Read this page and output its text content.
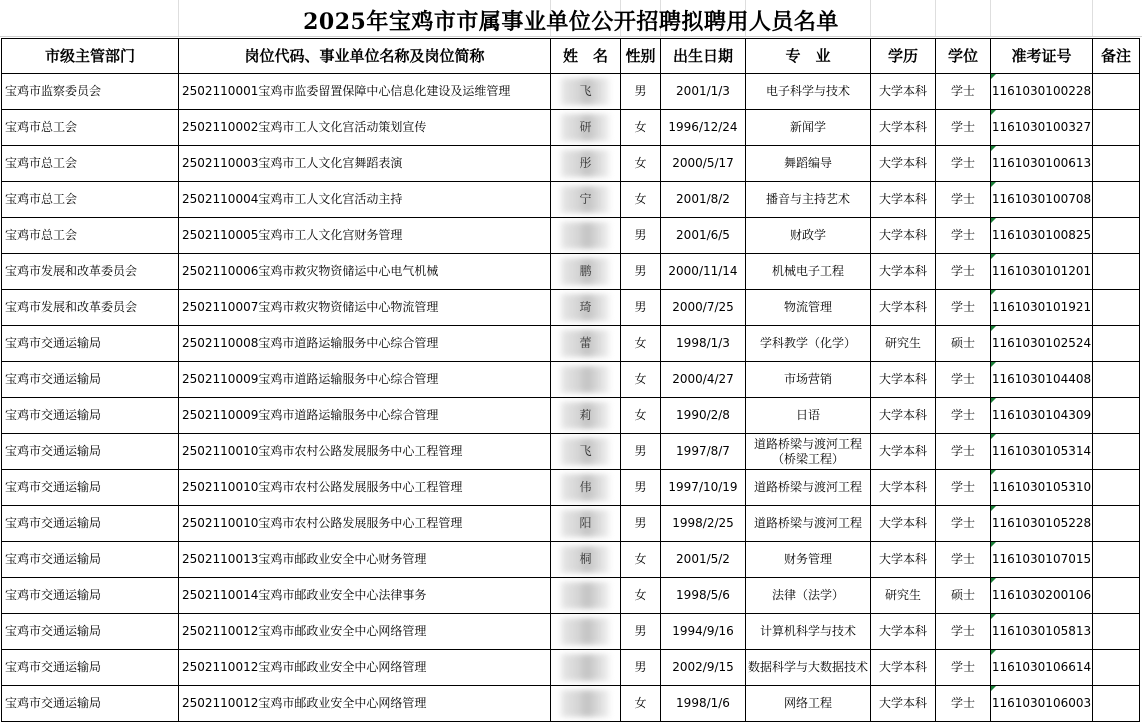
2025年宝鸡市市属事业单位公开招聘拟聘用人员名单
市级主管部门	岗位代码、事业单位名称及岗位简称	姓　名	性别	出生日期	专　业	学历	学位	准考证号	备注
宝鸡市监察委员会	2502110001宝鸡市监委留置保障中心信息化建设及运维管理	飞	男	2001/1/3	电子科学与技术	大学本科	学士	1161030100228	
宝鸡市总工会	2502110002宝鸡市工人文化宫活动策划宣传	研	女	1996/12/24	新闻学	大学本科	学士	1161030100327	
宝鸡市总工会	2502110003宝鸡市工人文化宫舞蹈表演	彤	女	2000/5/17	舞蹈编导	大学本科	学士	1161030100613	
宝鸡市总工会	2502110004宝鸡市工人文化宫活动主持	宁	女	2001/8/2	播音与主持艺术	大学本科	学士	1161030100708	
宝鸡市总工会	2502110005宝鸡市工人文化宫财务管理		男	2001/6/5	财政学	大学本科	学士	1161030100825	
宝鸡市发展和改革委员会	2502110006宝鸡市救灾物资储运中心电气机械	鹏	男	2000/11/14	机械电子工程	大学本科	学士	1161030101201	
宝鸡市发展和改革委员会	2502110007宝鸡市救灾物资储运中心物流管理	琦	男	2000/7/25	物流管理	大学本科	学士	1161030101921	
宝鸡市交通运输局	2502110008宝鸡市道路运输服务中心综合管理	蕾	女	1998/1/3	学科教学（化学）	研究生	硕士	1161030102524	
宝鸡市交通运输局	2502110009宝鸡市道路运输服务中心综合管理		女	2000/4/27	市场营销	大学本科	学士	1161030104408	
宝鸡市交通运输局	2502110009宝鸡市道路运输服务中心综合管理	莉	女	1990/2/8	日语	大学本科	学士	1161030104309	
宝鸡市交通运输局	2502110010宝鸡市农村公路发展服务中心工程管理	飞	男	1997/8/7	道路桥梁与渡河工程（桥梁工程）	大学本科	学士	1161030105314	
宝鸡市交通运输局	2502110010宝鸡市农村公路发展服务中心工程管理	伟	男	1997/10/19	道路桥梁与渡河工程	大学本科	学士	1161030105310	
宝鸡市交通运输局	2502110010宝鸡市农村公路发展服务中心工程管理	阳	男	1998/2/25	道路桥梁与渡河工程	大学本科	学士	1161030105228	
宝鸡市交通运输局	2502110013宝鸡市邮政业安全中心财务管理	桐	女	2001/5/2	财务管理	大学本科	学士	1161030107015	
宝鸡市交通运输局	2502110014宝鸡市邮政业安全中心法律事务		女	1998/5/6	法律（法学）	研究生	硕士	1161030200106	
宝鸡市交通运输局	2502110012宝鸡市邮政业安全中心网络管理		男	1994/9/16	计算机科学与技术	大学本科	学士	1161030105813	
宝鸡市交通运输局	2502110012宝鸡市邮政业安全中心网络管理		男	2002/9/15	数据科学与大数据技术	大学本科	学士	1161030106614	
宝鸡市交通运输局	2502110012宝鸡市邮政业安全中心网络管理		女	1998/1/6	网络工程	大学本科	学士	1161030106003	
